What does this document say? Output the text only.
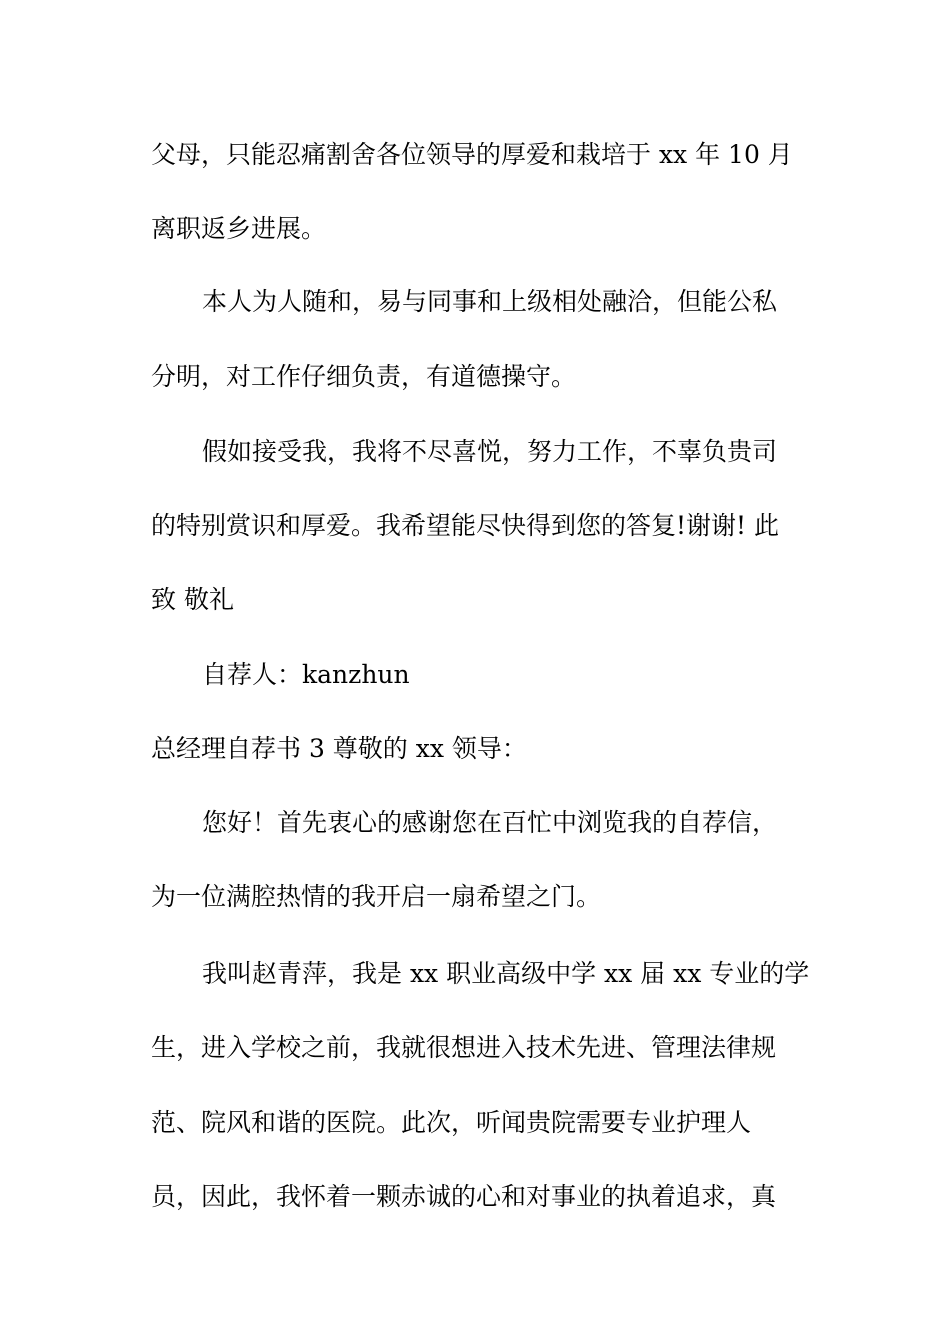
父母，只能忍痛割舍各位领导的厚爱和栽培于 xx 年 10 月

离职返乡进展。

本人为人随和，易与同事和上级相处融洽，但能公私

分明，对工作仔细负责，有道德操守。

假如接受我，我将不尽喜悦，努力工作，不辜负贵司

的特别赏识和厚爱。我希望能尽快得到您的答复!谢谢! 此

致 敬礼

自荐人：kanzhun

总经理自荐书 3 尊敬的 xx 领导：

您好！首先衷心的感谢您在百忙中浏览我的自荐信，

为一位满腔热情的我开启一扇希望之门。

我叫赵青萍，我是 xx 职业高级中学 xx 届 xx 专业的学

生，进入学校之前，我就很想进入技术先进、管理法律规

范、院风和谐的医院。此次，听闻贵院需要专业护理人

员，因此，我怀着一颗赤诚的心和对事业的执着追求，真
